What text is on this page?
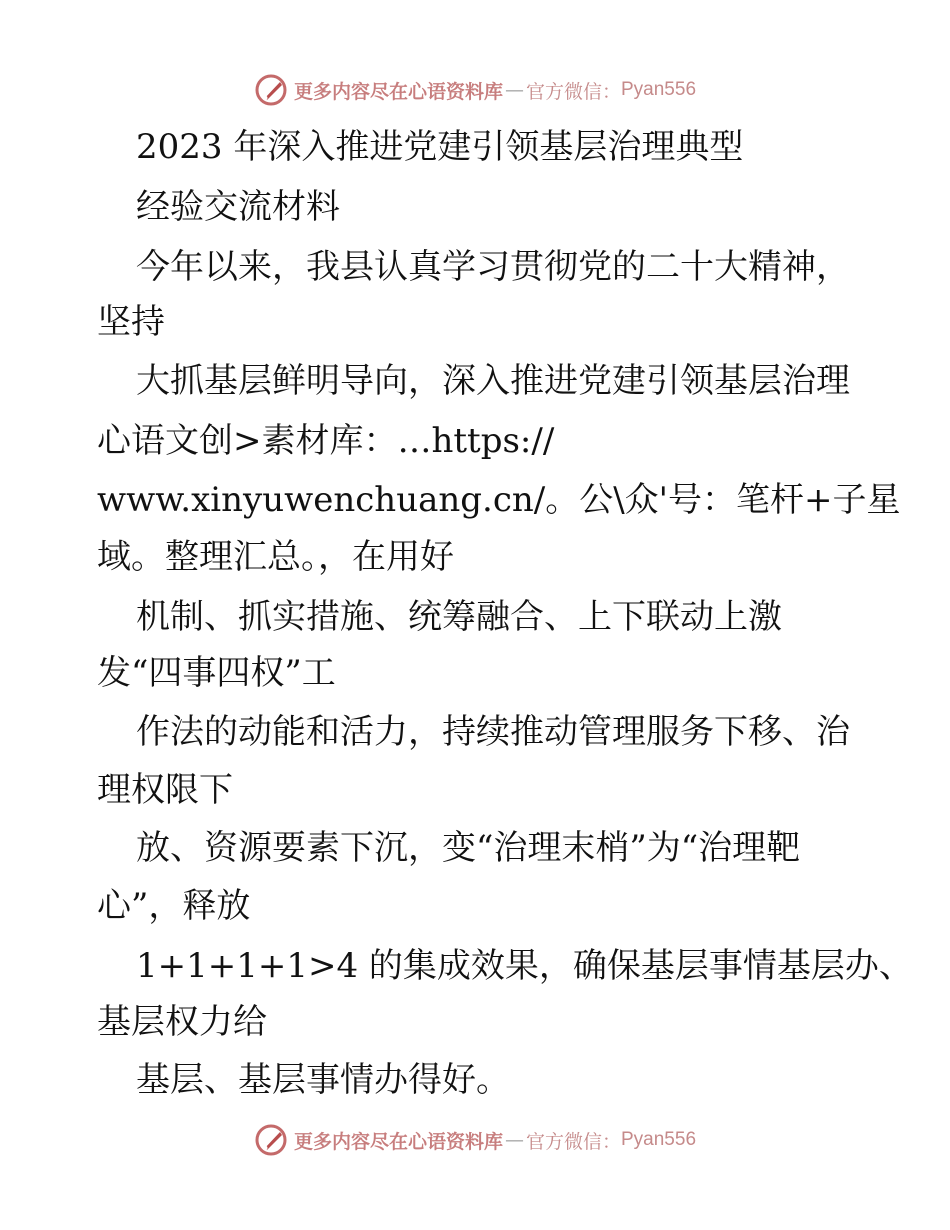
更多内容尽在心语资料库 — 官方微信： Pyan556
2023 年深入推进党建引领基层治理典型
经验交流材料
今年以来，我县认真学习贯彻党的二十大精神，
坚持
大抓基层鲜明导向，深入推进党建引领基层治理
心语文创>素材库：…https://
www.xinyuwenchuang.cn/。公\众'号：笔杆+子星
域。整理汇总。，在用好
机制、抓实措施、统筹融合、上下联动上激
发“四事四权”工
作法的动能和活力，持续推动管理服务下移、治
理权限下
放、资源要素下沉，变“治理末梢”为“治理靶
心”，释放
1+1+1+1>4 的集成效果，确保基层事情基层办、
基层权力给
基层、基层事情办得好。
更多内容尽在心语资料库 — 官方微信： Pyan556
